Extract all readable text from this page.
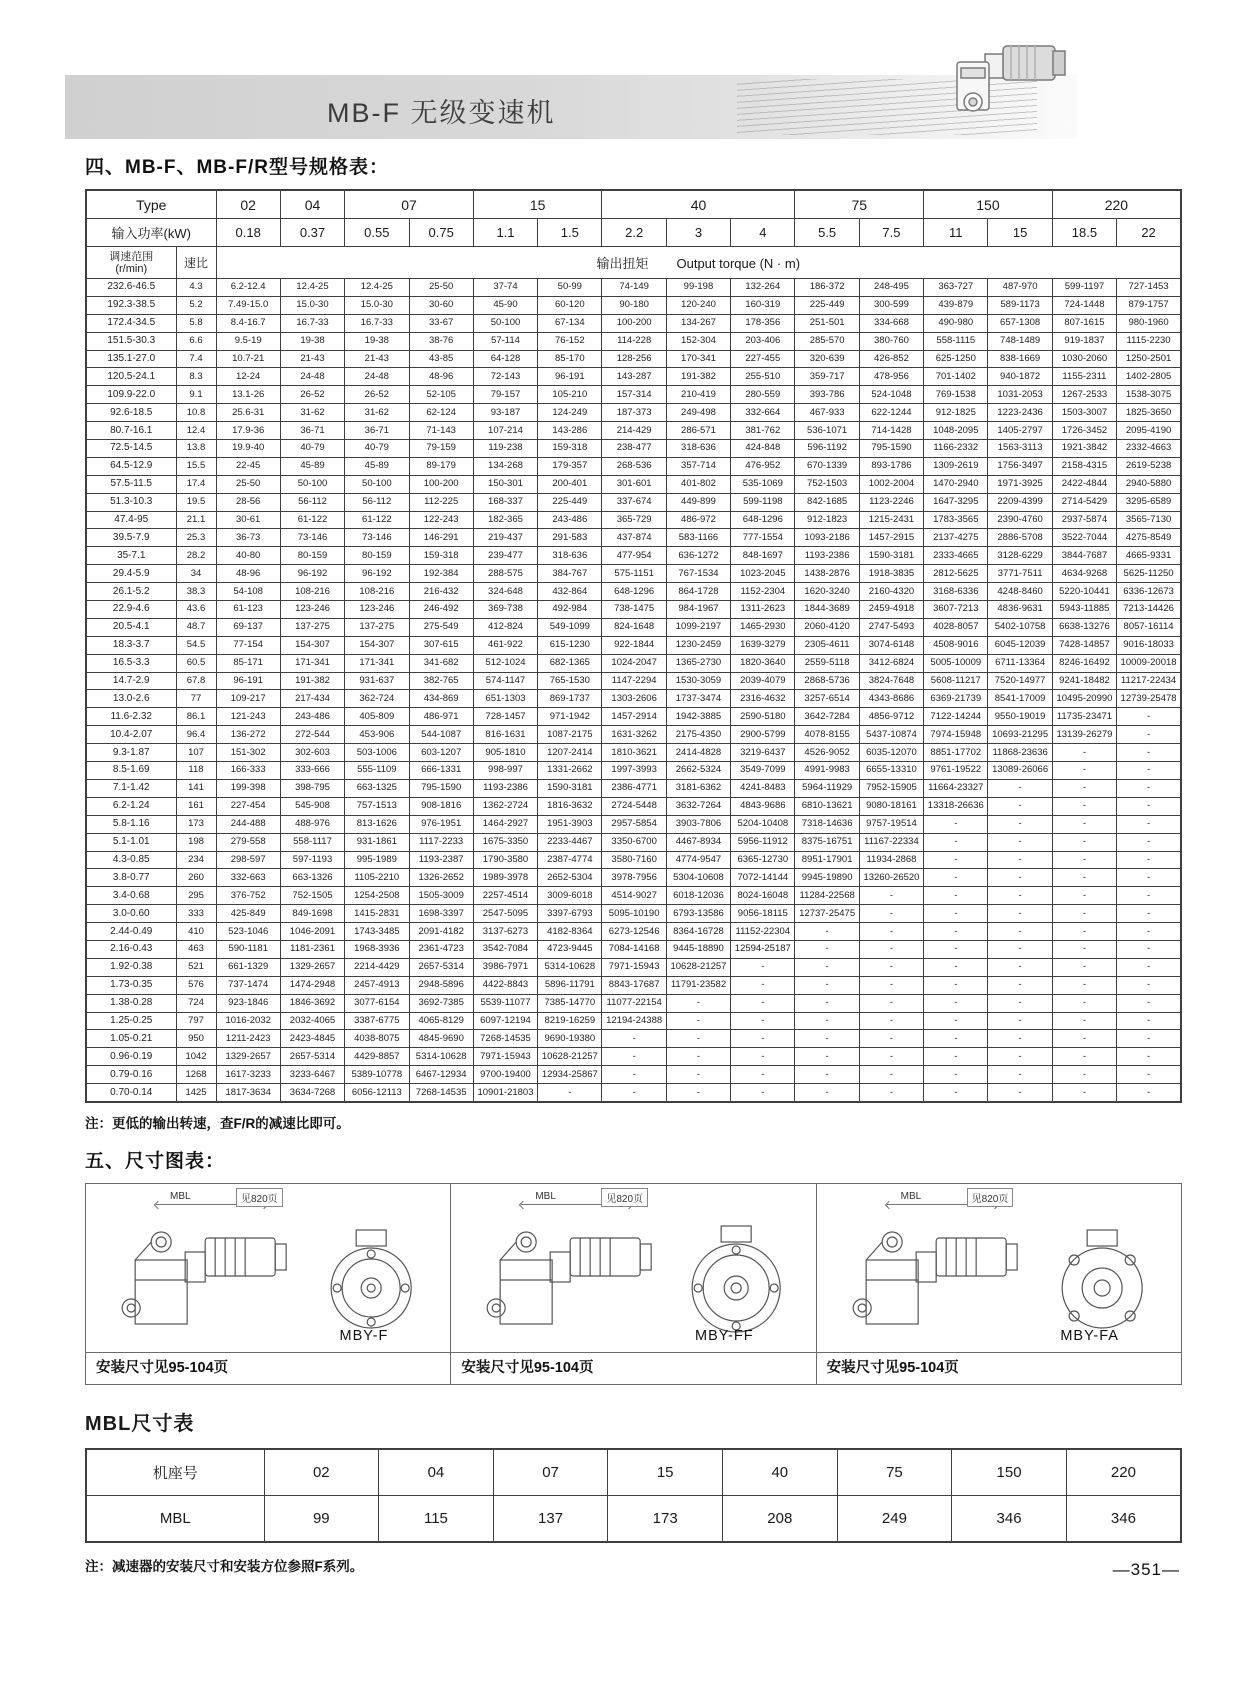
MB-F 无级变速机
四、MB-F、MB-F/R型号规格表：
Type		02	04	07		15		40			75		150		220	
输入功率(kW)		0.18	0.37	0.55	0.75	1.1	1.5	2.2	3	4	5.5	7.5	11	15	18.5	22

调速范围
(r/min)	速比	输出扭矩 Output torque (N · m)														
232.6-46.5	4.3	6.2-12.4	12.4-25	12.4-25	25-50	37-74	50-99	74-149	99-198	132-264	186-372	248-495	363-727	487-970	599-1197	727-1453
192.3-38.5	5.2	7.49-15.0	15.0-30	15.0-30	30-60	45-90	60-120	90-180	120-240	160-319	225-449	300-599	439-879	589-1173	724-1448	879-1757
172.4-34.5	5.8	8.4-16.7	16.7-33	16.7-33	33-67	50-100	67-134	100-200	134-267	178-356	251-501	334-668	490-980	657-1308	807-1615	980-1960
151.5-30.3	6.6	9.5-19	19-38	19-38	38-76	57-114	76-152	114-228	152-304	203-406	285-570	380-760	558-1115	748-1489	919-1837	1115-2230
135.1-27.0	7.4	10.7-21	21-43	21-43	43-85	64-128	85-170	128-256	170-341	227-455	320-639	426-852	625-1250	838-1669	1030-2060	1250-2501
120.5-24.1	8.3	12-24	24-48	24-48	48-96	72-143	96-191	143-287	191-382	255-510	359-717	478-956	701-1402	940-1872	1155-2311	1402-2805
109.9-22.0	9.1	13.1-26	26-52	26-52	52-105	79-157	105-210	157-314	210-419	280-559	393-786	524-1048	769-1538	1031-2053	1267-2533	1538-3075
92.6-18.5	10.8	25.6-31	31-62	31-62	62-124	93-187	124-249	187-373	249-498	332-664	467-933	622-1244	912-1825	1223-2436	1503-3007	1825-3650
80.7-16.1	12.4	17.9-36	36-71	36-71	71-143	107-214	143-286	214-429	286-571	381-762	536-1071	714-1428	1048-2095	1405-2797	1726-3452	2095-4190
72.5-14.5	13.8	19.9-40	40-79	40-79	79-159	119-238	159-318	238-477	318-636	424-848	596-1192	795-1590	1166-2332	1563-3113	1921-3842	2332-4663
64.5-12.9	15.5	22-45	45-89	45-89	89-179	134-268	179-357	268-536	357-714	476-952	670-1339	893-1786	1309-2619	1756-3497	2158-4315	2619-5238
57.5-11.5	17.4	25-50	50-100	50-100	100-200	150-301	200-401	301-601	401-802	535-1069	752-1503	1002-2004	1470-2940	1971-3925	2422-4844	2940-5880
51.3-10.3	19.5	28-56	56-112	56-112	112-225	168-337	225-449	337-674	449-899	599-1198	842-1685	1123-2246	1647-3295	2209-4399	2714-5429	3295-6589
47.4-95	21.1	30-61	61-122	61-122	122-243	182-365	243-486	365-729	486-972	648-1296	912-1823	1215-2431	1783-3565	2390-4760	2937-5874	3565-7130
39.5-7.9	25.3	36-73	73-146	73-146	146-291	219-437	291-583	437-874	583-1166	777-1554	1093-2186	1457-2915	2137-4275	2886-5708	3522-7044	4275-8549
35-7.1	28.2	40-80	80-159	80-159	159-318	239-477	318-636	477-954	636-1272	848-1697	1193-2386	1590-3181	2333-4665	3128-6229	3844-7687	4665-9331
29.4-5.9	34	48-96	96-192	96-192	192-384	288-575	384-767	575-1151	767-1534	1023-2045	1438-2876	1918-3835	2812-5625	3771-7511	4634-9268	5625-11250
26.1-5.2	38.3	54-108	108-216	108-216	216-432	324-648	432-864	648-1296	864-1728	1152-2304	1620-3240	2160-4320	3168-6336	4248-8460	5220-10441	6336-12673
22.9-4.6	43.6	61-123	123-246	123-246	246-492	369-738	492-984	738-1475	984-1967	1311-2623	1844-3689	2459-4918	3607-7213	4836-9631	5943-11885	7213-14426
20.5-4.1	48.7	69-137	137-275	137-275	275-549	412-824	549-1099	824-1648	1099-2197	1465-2930	2060-4120	2747-5493	4028-8057	5402-10758	6638-13276	8057-16114
18.3-3.7	54.5	77-154	154-307	154-307	307-615	461-922	615-1230	922-1844	1230-2459	1639-3279	2305-4611	3074-6148	4508-9016	6045-12039	7428-14857	9016-18033
16.5-3.3	60.5	85-171	171-341	171-341	341-682	512-1024	682-1365	1024-2047	1365-2730	1820-3640	2559-5118	3412-6824	5005-10009	6711-13364	8246-16492	10009-20018
14.7-2.9	67.8	96-191	191-382	931-637	382-765	574-1147	765-1530	1147-2294	1530-3059	2039-4079	2868-5736	3824-7648	5608-11217	7520-14977	9241-18482	11217-22434
13.0-2.6	77	109-217	217-434	362-724	434-869	651-1303	869-1737	1303-2606	1737-3474	2316-4632	3257-6514	4343-8686	6369-21739	8541-17009	10495-20990	12739-25478
11.6-2.32	86.1	121-243	243-486	405-809	486-971	728-1457	971-1942	1457-2914	1942-3885	2590-5180	3642-7284	4856-9712	7122-14244	9550-19019	11735-23471	-
10.4-2.07	96.4	136-272	272-544	453-906	544-1087	816-1631	1087-2175	1631-3262	2175-4350	2900-5799	4078-8155	5437-10874	7974-15948	10693-21295	13139-26279	-
9.3-1.87	107	151-302	302-603	503-1006	603-1207	905-1810	1207-2414	1810-3621	2414-4828	3219-6437	4526-9052	6035-12070	8851-17702	11868-23636	-	-
8.5-1.69	118	166-333	333-666	555-1109	666-1331	998-997	1331-2662	1997-3993	2662-5324	3549-7099	4991-9983	6655-13310	9761-19522	13089-26066	-	-
7.1-1.42	141	199-398	398-795	663-1325	795-1590	1193-2386	1590-3181	2386-4771	3181-6362	4241-8483	5964-11929	7952-15905	11664-23327	-	-	-
6.2-1.24	161	227-454	545-908	757-1513	908-1816	1362-2724	1816-3632	2724-5448	3632-7264	4843-9686	6810-13621	9080-18161	13318-26636	-	-	-
5.8-1.16	173	244-488	488-976	813-1626	976-1951	1464-2927	1951-3903	2957-5854	3903-7806	5204-10408	7318-14636	9757-19514	-	-	-	-
5.1-1.01	198	279-558	558-1117	931-1861	1117-2233	1675-3350	2233-4467	3350-6700	4467-8934	5956-11912	8375-16751	11167-22334	-	-	-	-
4.3-0.85	234	298-597	597-1193	995-1989	1193-2387	1790-3580	2387-4774	3580-7160	4774-9547	6365-12730	8951-17901	11934-2868	-	-	-	-
3.8-0.77	260	332-663	663-1326	1105-2210	1326-2652	1989-3978	2652-5304	3978-7956	5304-10608	7072-14144	9945-19890	13260-26520	-	-	-	-
3.4-0.68	295	376-752	752-1505	1254-2508	1505-3009	2257-4514	3009-6018	4514-9027	6018-12036	8024-16048	11284-22568	-	-	-	-	-
3.0-0.60	333	425-849	849-1698	1415-2831	1698-3397	2547-5095	3397-6793	5095-10190	6793-13586	9056-18115	12737-25475	-	-	-	-	-
2.44-0.49	410	523-1046	1046-2091	1743-3485	2091-4182	3137-6273	4182-8364	6273-12546	8364-16728	11152-22304	-	-	-	-	-	-
2.16-0.43	463	590-1181	1181-2361	1968-3936	2361-4723	3542-7084	4723-9445	7084-14168	9445-18890	12594-25187	-	-	-	-	-	-
1.92-0.38	521	661-1329	1329-2657	2214-4429	2657-5314	3986-7971	5314-10628	7971-15943	10628-21257	-	-	-	-	-	-	-
1.73-0.35	576	737-1474	1474-2948	2457-4913	2948-5896	4422-8843	5896-11791	8843-17687	11791-23582	-	-	-	-	-	-	-
1.38-0.28	724	923-1846	1846-3692	3077-6154	3692-7385	5539-11077	7385-14770	11077-22154	-	-	-	-	-	-	-	-
1.25-0.25	797	1016-2032	2032-4065	3387-6775	4065-8129	6097-12194	8219-16259	12194-24388	-	-	-	-	-	-	-	-
1.05-0.21	950	1211-2423	2423-4845	4038-8075	4845-9690	7268-14535	9690-19380	-	-	-	-	-	-	-	-	-
0.96-0.19	1042	1329-2657	2657-5314	4429-8857	5314-10628	7971-15943	10628-21257	-	-	-	-	-	-	-	-	-
0.79-0.16	1268	1617-3233	3233-6467	5389-10778	6467-12934	9700-19400	12934-25867	-	-	-	-	-	-	-	-	-
0.70-0.14	1425	1817-3634	3634-7268	6056-12113	7268-14535	10901-21803	-	-	-	-	-	-	-	-	-	-
注：更低的输出转速，查F/R的减速比即可。
五、尺寸图表：
MBL	见820页
MBY-F
安装尺寸见95-104页
MBL	见820页
MBY-FF
安装尺寸见95-104页
MBL	见820页
MBY-FA
安装尺寸见95-104页
MBL尺寸表
机座号	02	04	07	15	40	75	150	220
MBL	99	115	137	173	208	249	346	346
注：减速器的安装尺寸和安装方位参照F系列。	—351—
